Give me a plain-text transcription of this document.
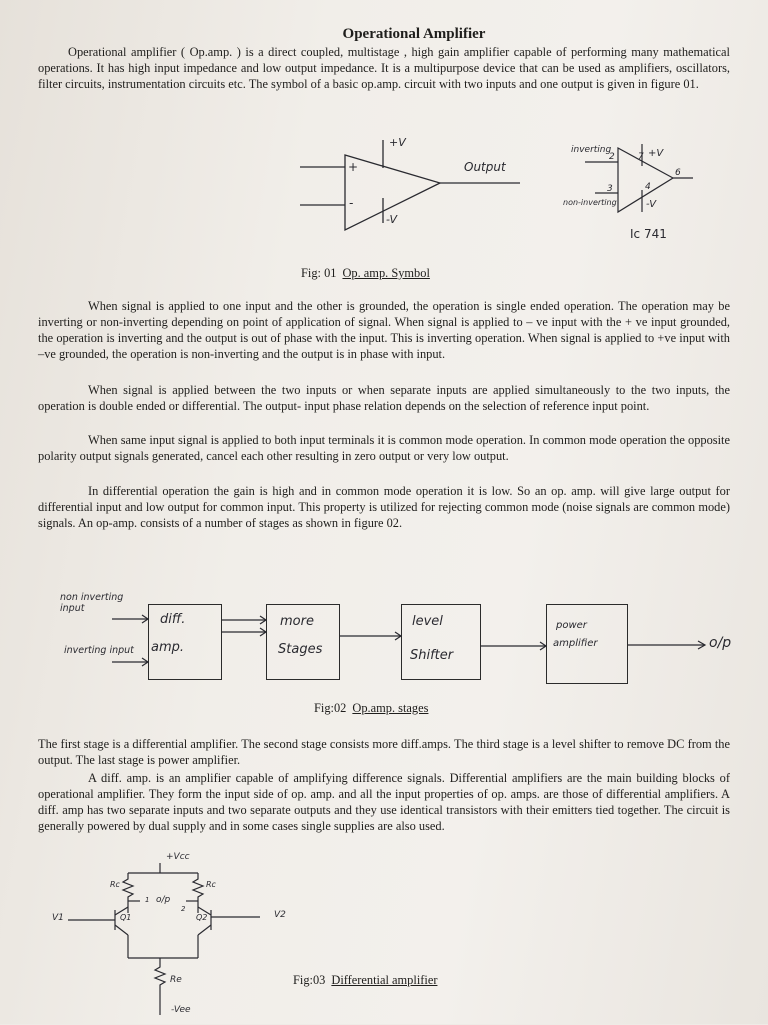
Operational Amplifier

Operational amplifier ( Op.amp. ) is a direct coupled, multistage , high gain amplifier capable of performing many mathematical operations. It has high input impedance and low output impedance. It is a multipurpose device that can be used as amplifiers, oscillators, filter circuits, instrumentation circuits etc. The symbol of a basic op.amp. circuit with two inputs and one output is given in figure 01.

+V
-V
+
-
Output
inverting
non-inverting
2
3	4
6
7 +V
-V
Ic 741
Fig: 01 Op. amp. Symbol

When signal is applied to one input and the other is grounded, the operation is single ended operation. The operation may be inverting or non-inverting depending on point of application of signal. When signal is applied to – ve input with the + ve input grounded, the operation is inverting and the output is out of phase with the input. This is inverting operation. When signal is applied to +ve input with –ve grounded, the operation is non-inverting and the output is in phase with input.

When signal is applied between the two inputs or when separate inputs are applied simultaneously to the two inputs, the operation is double ended or differential. The output- input phase relation depends on the selection of reference input point.

When same input signal is applied to both input terminals it is common mode operation. In common mode operation the opposite polarity output signals generated, cancel each other resulting in zero output or very low output.

In differential operation the gain is high and in common mode operation it is low. So an op. amp. will give large output for differential input and low output for common input. This property is utilized for rejecting common mode (noise signals are common mode) signals. An op-amp. consists of a number of stages as shown in figure 02.

non inverting input
inverting input
diff.
amp.
more
Stages
level
Shifter
power
amplifier	o/p
Fig:02 Op.amp. stages

The first stage is a differential amplifier. The second stage consists more diff.amps. The third stage is a level shifter to remove DC from the output. The last stage is power amplifier.

A diff. amp. is an amplifier capable of amplifying difference signals. Differential amplifiers are the main building blocks of operational amplifier. They form the input side of op. amp. and all the input properties of op. amps. are those of differential amplifiers. A diff. amp has two separate inputs and two separate outputs and they use identical transistors with their emitters tied together. The circuit is generally powered by dual supply and in some cases single supplies are also used.

+Vcc
Rc	Rc
o/p
1
2
Q1	Q2
V1	V2
Re
-Vee
Fig:03 Differential amplifier
